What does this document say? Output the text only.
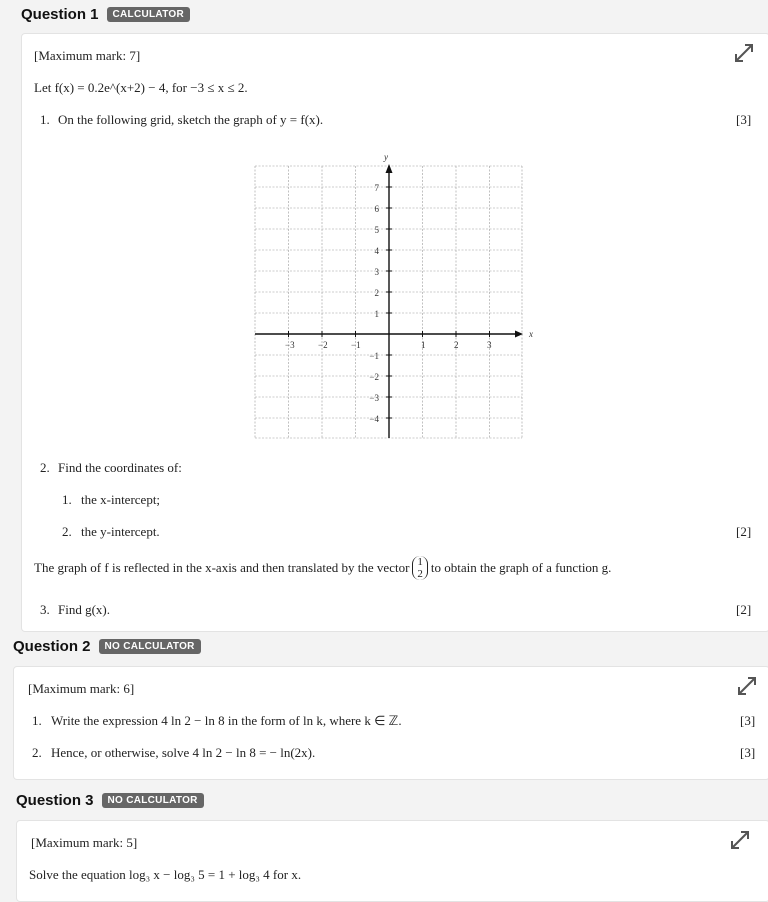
Question 1	CALCULATOR
[Maximum mark: 7]
Let f(x) = 0.2e^(x+2) − 4, for −3 ≤ x ≤ 2.
1. On the following grid, sketch the graph of y = f(x).	[3]
x
y
−3	−2	−1	1	2	3
7
6
5
4
3
2
1
−1
−2
−3
−4
2. Find the coordinates of:
1. the x-intercept;
2. the y-intercept.	[2]
The graph of f is reflected in the x-axis and then translated by the vector 1
2 to obtain the graph of a function g.
3. Find g(x).	[2]
Question 2	NO CALCULATOR
[Maximum mark: 6]
1. Write the expression 4 ln 2 − ln 8 in the form of ln k, where k ∈ ℤ.	[3]
2. Hence, or otherwise, solve 4 ln 2 − ln 8 = − ln(2x).	[3]
Question 3	NO CALCULATOR
[Maximum mark: 5]
Solve the equation log₃ x − log₃ 5 = 1 + log₃ 4 for x.
